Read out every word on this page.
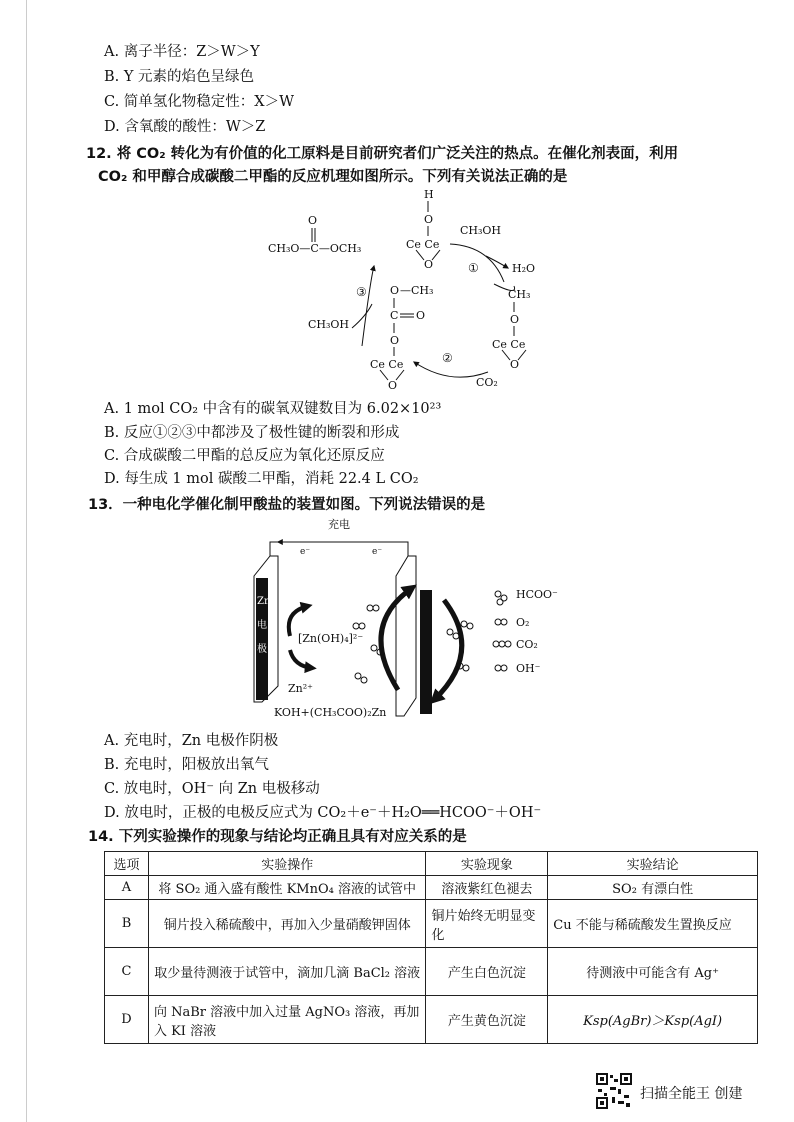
A. 离子半径：Z＞W＞Y
B. Y 元素的焰色呈绿色
C. 简单氢化物稳定性：X＞W
D. 含氧酸的酸性：W＞Z
12. 将 CO₂ 转化为有价值的化工原料是目前研究者们广泛关注的热点。在催化剂表面，利用
CO₂ 和甲醇合成碳酸二甲酯的反应机理如图所示。下列有关说法正确的是
O
CH₃O—C—OCH₃
H
O
Ce Ce
O
CH₃OH
①	H₂O
CH₃
O
Ce Ce
O
②
CO₂
O —CH₃
C O
O
Ce Ce
O
③
CH₃OH
A. 1 mol CO₂ 中含有的碳氧双键数目为 6.02×10²³
B. 反应①②③中都涉及了极性键的断裂和形成
C. 合成碳酸二甲酯的总反应为氧化还原反应
D. 每生成 1 mol 碳酸二甲酯，消耗 22.4 L CO₂
13．一种电化学催化制甲酸盐的装置如图。下列说法错误的是
充电
e⁻	e⁻
Zn
电
极
[Zn(OH)₄]²⁻
Zn²⁺
KOH+(CH₃COO)₂Zn
HCOO⁻
O₂
CO₂
OH⁻
A. 充电时，Zn 电极作阴极
B. 充电时，阳极放出氧气
C. 放电时，OH⁻ 向 Zn 电极移动
D. 放电时，正极的电极反应式为 CO₂＋e⁻＋H₂O══HCOO⁻＋OH⁻
14. 下列实验操作的现象与结论均正确且具有对应关系的是
选项	实验操作	实验现象	实验结论
A	将 SO₂ 通入盛有酸性 KMnO₄ 溶液的试管中	溶液紫红色褪去	SO₂ 有漂白性
B	铜片投入稀硫酸中，再加入少量硝酸钾固体	铜片始终无明显变化	Cu 不能与稀硫酸发生置换反应
C	取少量待测液于试管中，滴加几滴 BaCl₂ 溶液	产生白色沉淀	待测液中可能含有 Ag⁺
D	向 NaBr 溶液中加入过量 AgNO₃ 溶液，再加入 KI 溶液	产生黄色沉淀	Ksp(AgBr)＞Ksp(AgI)
扫描全能王 创建
